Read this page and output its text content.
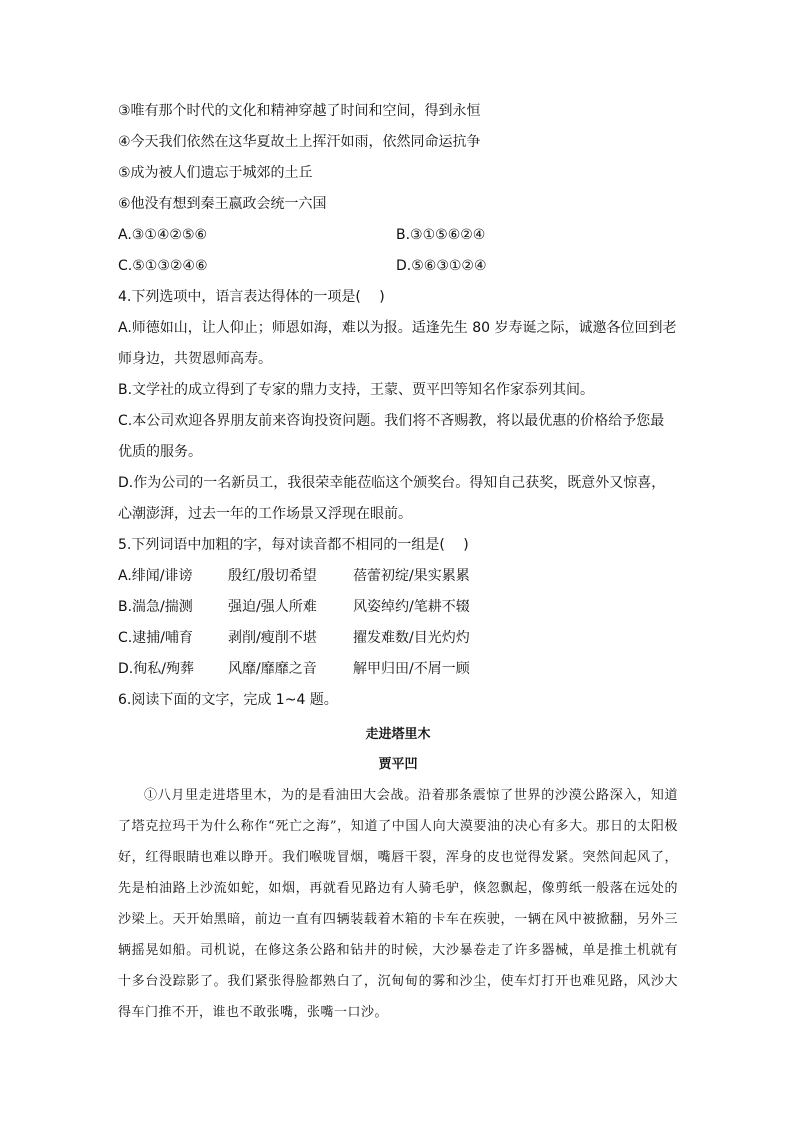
③唯有那个时代的文化和精神穿越了时间和空间，得到永恒
④今天我们依然在这华夏故土上挥汗如雨，依然同命运抗争
⑤成为被人们遗忘于城郊的土丘
⑥他没有想到秦王嬴政会统一六国
A.③①④②⑤⑥	B.③①⑤⑥②④
C.⑤①③②④⑥	D.⑤⑥③①②④
4.下列选项中，语言表达得体的一项是(　 )
A.师德如山，让人仰止；师恩如海，难以为报。适逢先生 80 岁寿诞之际，诚邀各位回到老师身边，共贺恩师高寿。
B.文学社的成立得到了专家的鼎力支持，王蒙、贾平凹等知名作家忝列其间。
C.本公司欢迎各界朋友前来咨询投资问题。我们将不吝赐教，将以最优惠的价格给予您最优质的服务。
D.作为公司的一名新员工，我很荣幸能莅临这个颁奖台。得知自己获奖，既意外又惊喜，心潮澎湃，过去一年的工作场景又浮现在眼前。
5.下列词语中加粗的字，每对读音都不相同的一组是(　 )
A.绯闻/诽谤	殷红/殷切希望	蓓蕾初绽/果实累累
B.湍急/揣测	强迫/强人所难	风姿绰约/笔耕不辍
C.逮捕/哺育	剥削/瘦削不堪	擢发难数/目光灼灼
D.徇私/殉葬	风靡/靡靡之音	解甲归田/不屑一顾
6.阅读下面的文字，完成 1~4 题。
走进塔里木
贾平凹
①八月里走进塔里木，为的是看油田大会战。沿着那条震惊了世界的沙漠公路深入，知道了塔克拉玛干为什么称作“死亡之海”，知道了中国人向大漠要油的决心有多大。那日的太阳极好，红得眼睛也难以睁开。我们喉咙冒烟，嘴唇干裂，浑身的皮也觉得发紧。突然间起风了，先是柏油路上沙流如蛇，如烟，再就看见路边有人骑毛驴，倏忽飘起，像剪纸一般落在远处的沙梁上。天开始黑暗，前边一直有四辆装载着木箱的卡车在疾驶，一辆在风中被掀翻，另外三辆摇晃如船。司机说，在修这条公路和钻井的时候，大沙暴卷走了许多器械，单是推土机就有十多台没踪影了。我们紧张得脸都熟白了，沉甸甸的雾和沙尘，使车灯打开也难见路，风沙大得车门推不开，谁也不敢张嘴，张嘴一口沙。
